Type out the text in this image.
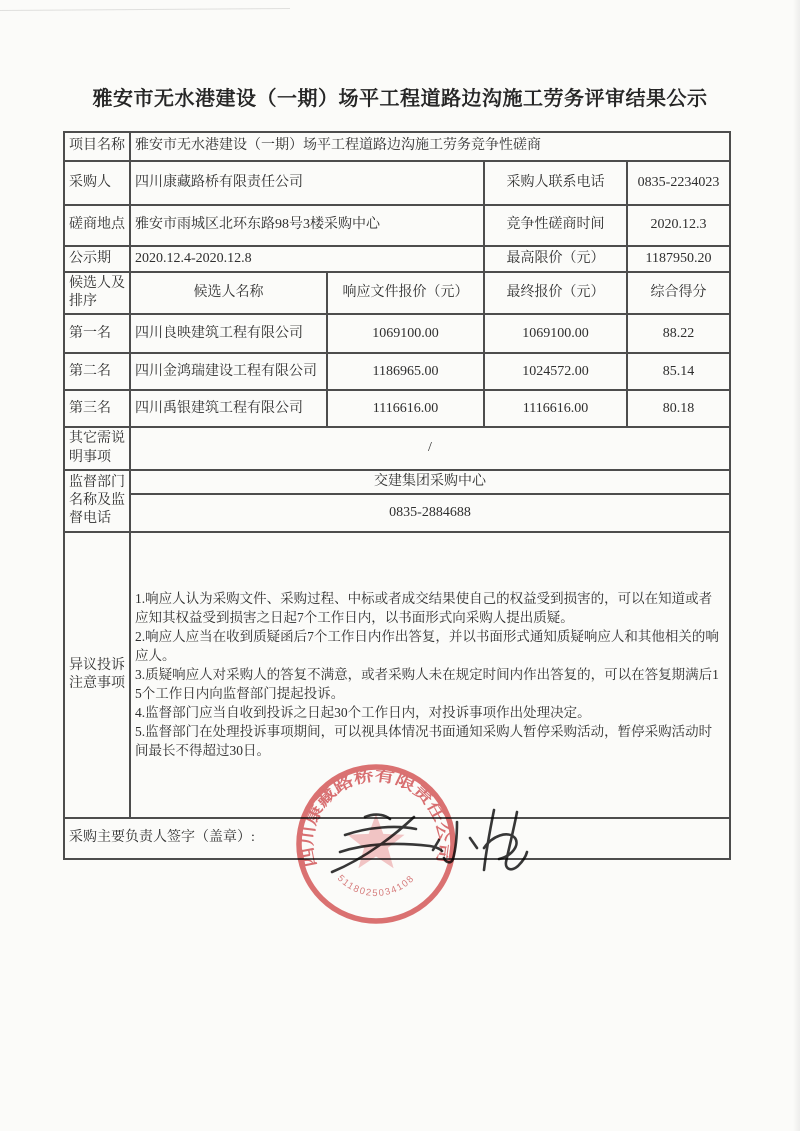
雅安市无水港建设（一期）场平工程道路边沟施工劳务评审结果公示
项目名称	雅安市无水港建设（一期）场平工程道路边沟施工劳务竞争性磋商			
采购人	四川康藏路桥有限责任公司		采购人联系电话	0835-2234023
磋商地点	雅安市雨城区北环东路98号3楼采购中心		竞争性磋商时间	2020.12.3
公示期	2020.12.4-2020.12.8		最高限价（元）	1187950.20
候选人及排序	候选人名称	响应文件报价（元）	最终报价（元）	综合得分
第一名	四川良映建筑工程有限公司	1069100.00	1069100.00	88.22
第二名	四川金鸿瑞建设工程有限公司	1186965.00	1024572.00	85.14
第三名	四川禹银建筑工程有限公司	1116616.00	1116616.00	80.18
其它需说明事项	/			
监督部门名称及监督电话	交建集团采购中心			
	0835-2884688			
异议投诉注意事项	1.响应人认为采购文件、采购过程、中标或者成交结果使自己的权益受到损害的，可以在知道或者应知其权益受到损害之日起7个工作日内，以书面形式向采购人提出质疑。
2.响应人应当在收到质疑函后7个工作日内作出答复，并以书面形式通知质疑响应人和其他相关的响应人。
3.质疑响应人对采购人的答复不满意，或者采购人未在规定时间内作出答复的，可以在答复期满后15个工作日内向监督部门提起投诉。
4.监督部门应当自收到投诉之日起30个工作日内，对投诉事项作出处理决定。
5.监督部门在处理投诉事项期间，可以视具体情况书面通知采购人暂停采购活动，暂停采购活动时间最长不得超过30日。			

采购主要负责人签字（盖章）:				
四川康藏路桥有限责任公司
5118025034108
